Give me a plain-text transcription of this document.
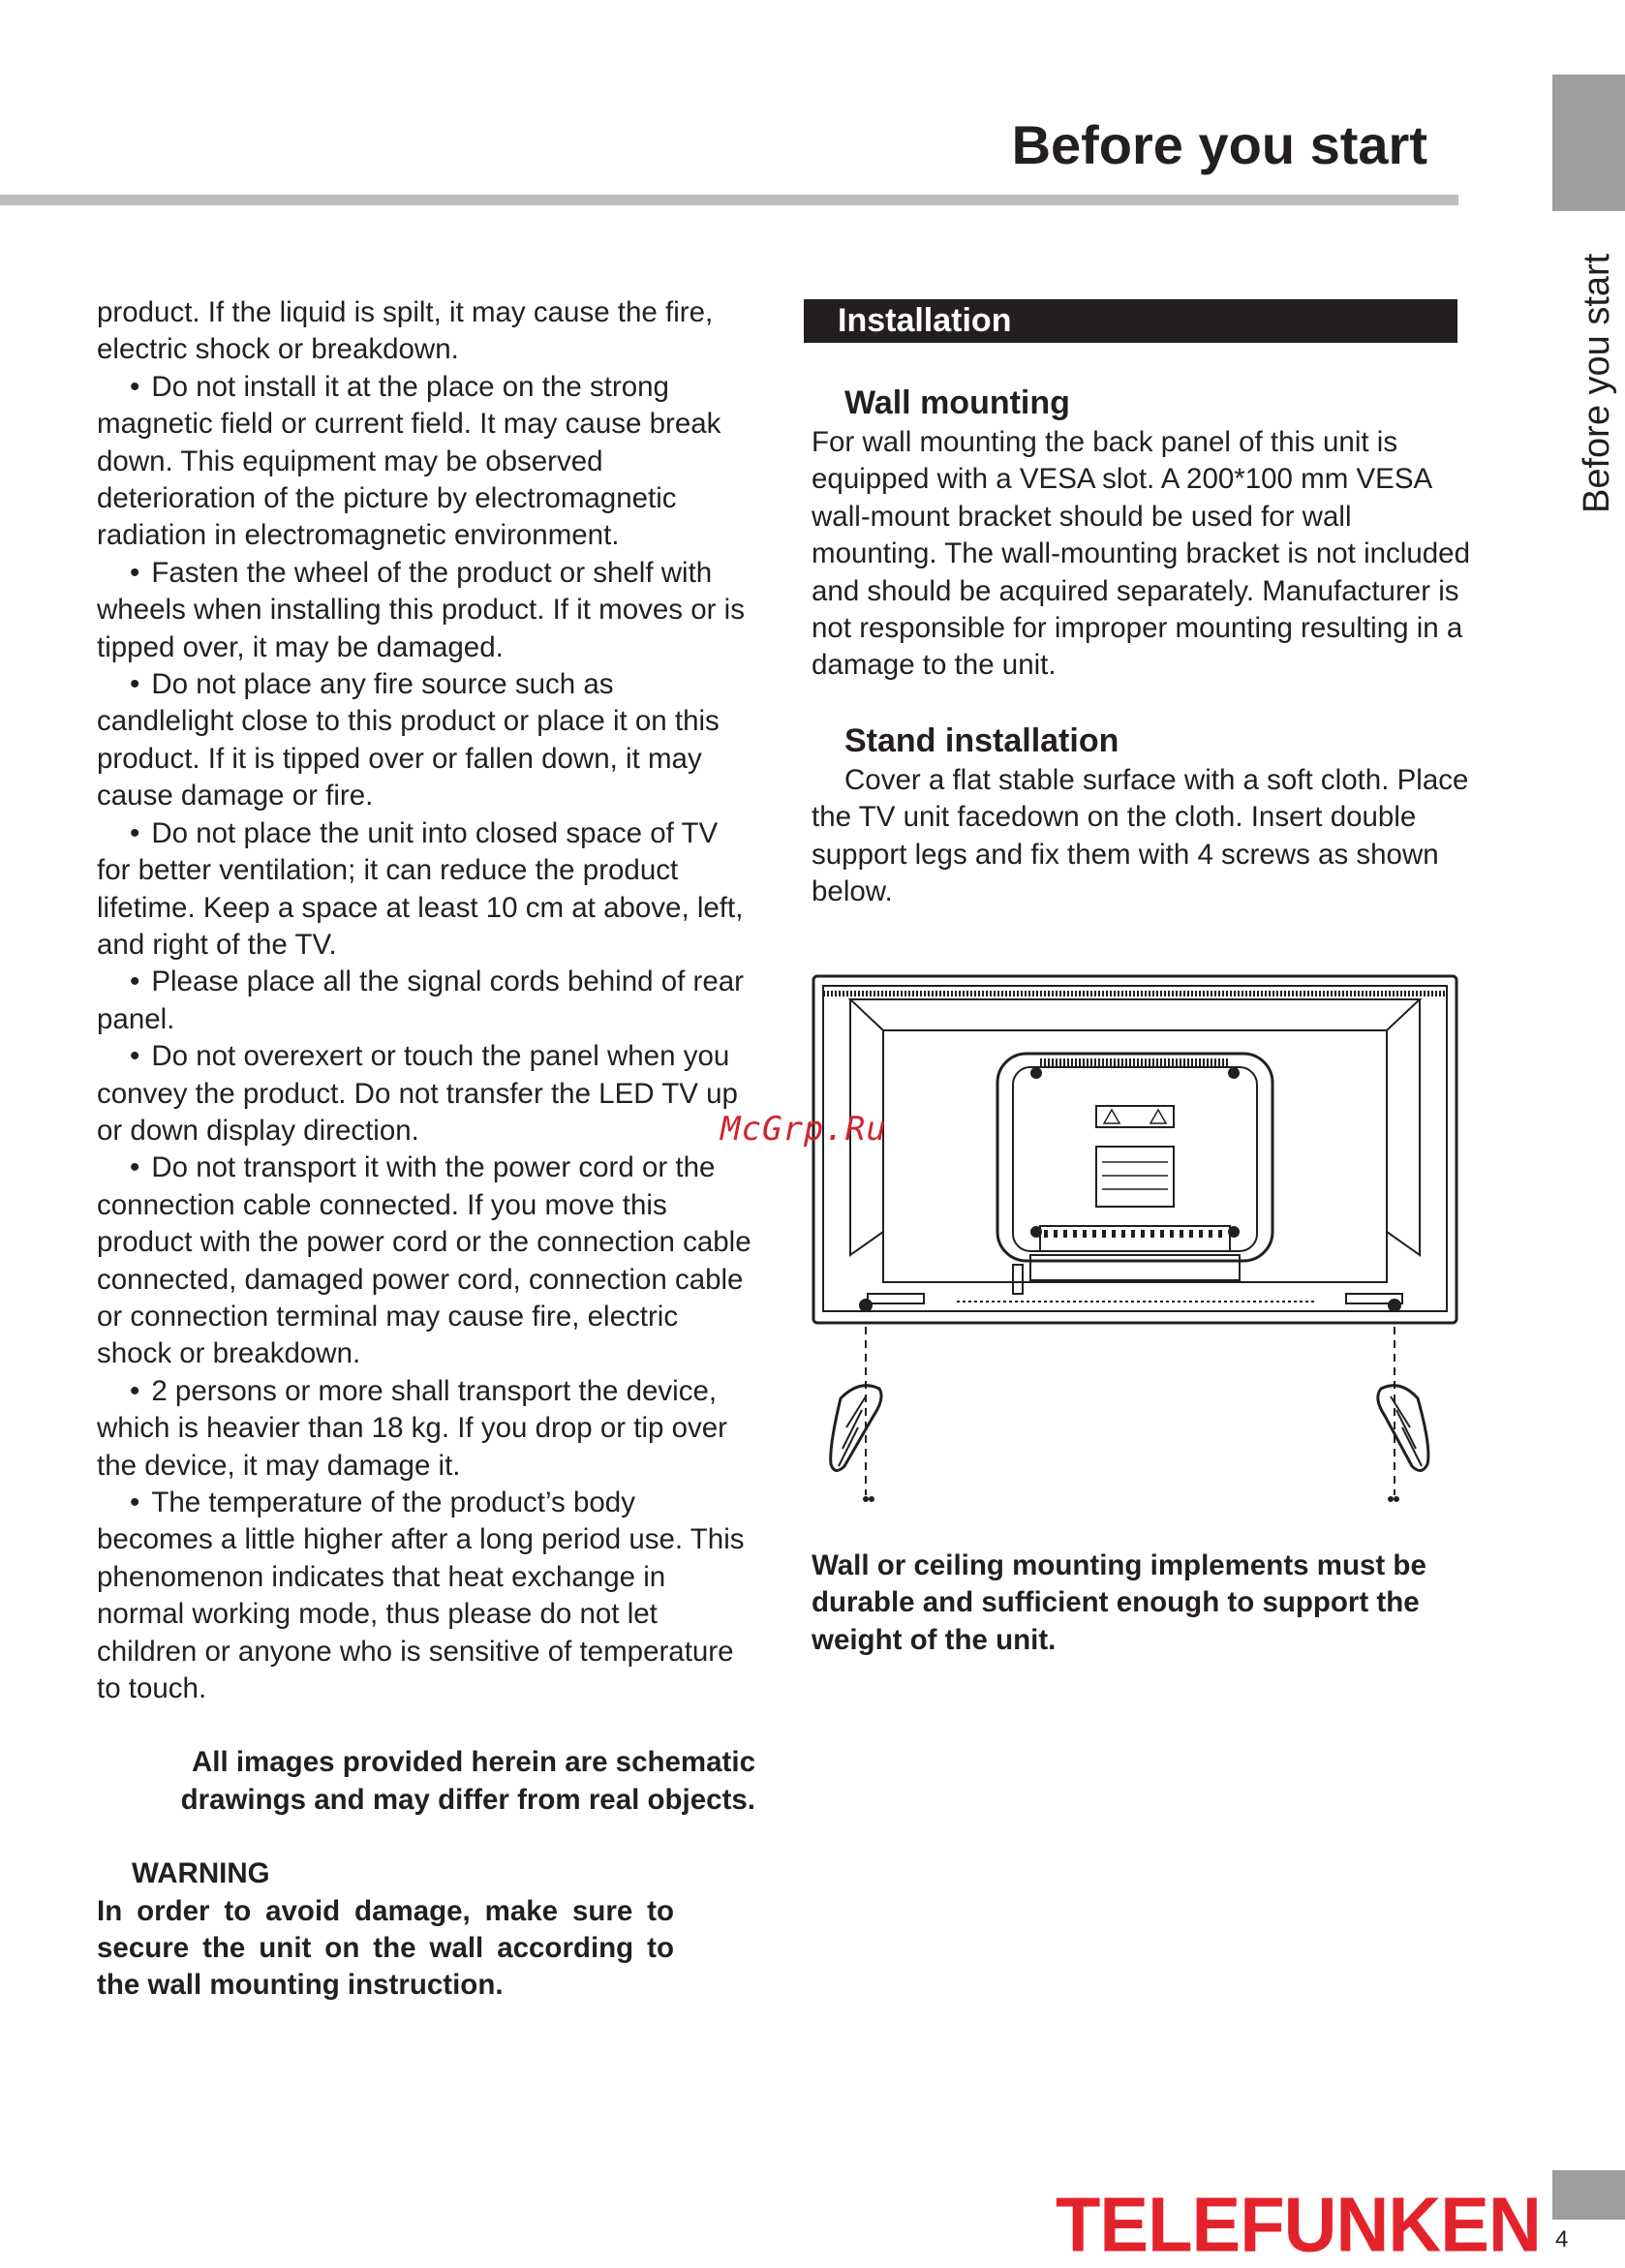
Before you start
Before you start

product. If the liquid is spilt, it may cause the fire, electric shock or breakdown.

• Do not install it at the place on the strong magnetic field or current field. It may cause break down. This equipment may be observed deterioration of the picture by electromagnetic radiation in electromagnetic environment.

• Fasten the wheel of the product or shelf with wheels when installing this product. If it moves or is tipped over, it may be damaged.

• Do not place any fire source such as candlelight close to this product or place it on this product. If it is tipped over or fallen down, it may cause damage or fire.

• Do not place the unit into closed space of TV for better ventilation; it can reduce the product lifetime. Keep a space at least 10 cm at above, left, and right of the TV.

• Please place all the signal cords behind of rear panel.

• Do not overexert or touch the panel when you convey the product. Do not transfer the LED TV up or down display direction.

• Do not transport it with the power cord or the connection cable connected. If you move this product with the power cord or the connection cable connected, damaged power cord, connection cable or connection terminal may cause fire, electric shock or breakdown.

• 2 persons or more shall transport the device, which is heavier than 18 kg. If you drop or tip over the device, it may damage it.

• The temperature of the product’s body becomes a little higher after a long period use. This phenomenon indicates that heat exchange in normal working mode, thus please do not let children or anyone who is sensitive of temperature to touch.

All images provided herein are schematic drawings and may differ from real objects.

WARNING

In order to avoid damage, make sure to secure the unit on the wall according to the wall mounting instruction.

Installation

Wall mounting

For wall mounting the back panel of this unit is equipped with a VESA slot. A 200*100 mm VESA wall-mount bracket should be used for wall mounting. The wall-mounting bracket is not included and should be acquired separately. Manufacturer is not responsible for improper mounting resulting in a damage to the unit.

Stand installation

Cover a flat stable surface with a soft cloth. Place the TV unit facedown on the cloth. Insert double support legs and fix them with 4 screws as shown below.

McGrp.Ru
Wall or ceiling mounting implements must be durable and sufficient enough to support the weight of the unit.
TELEFUNKEN 4
